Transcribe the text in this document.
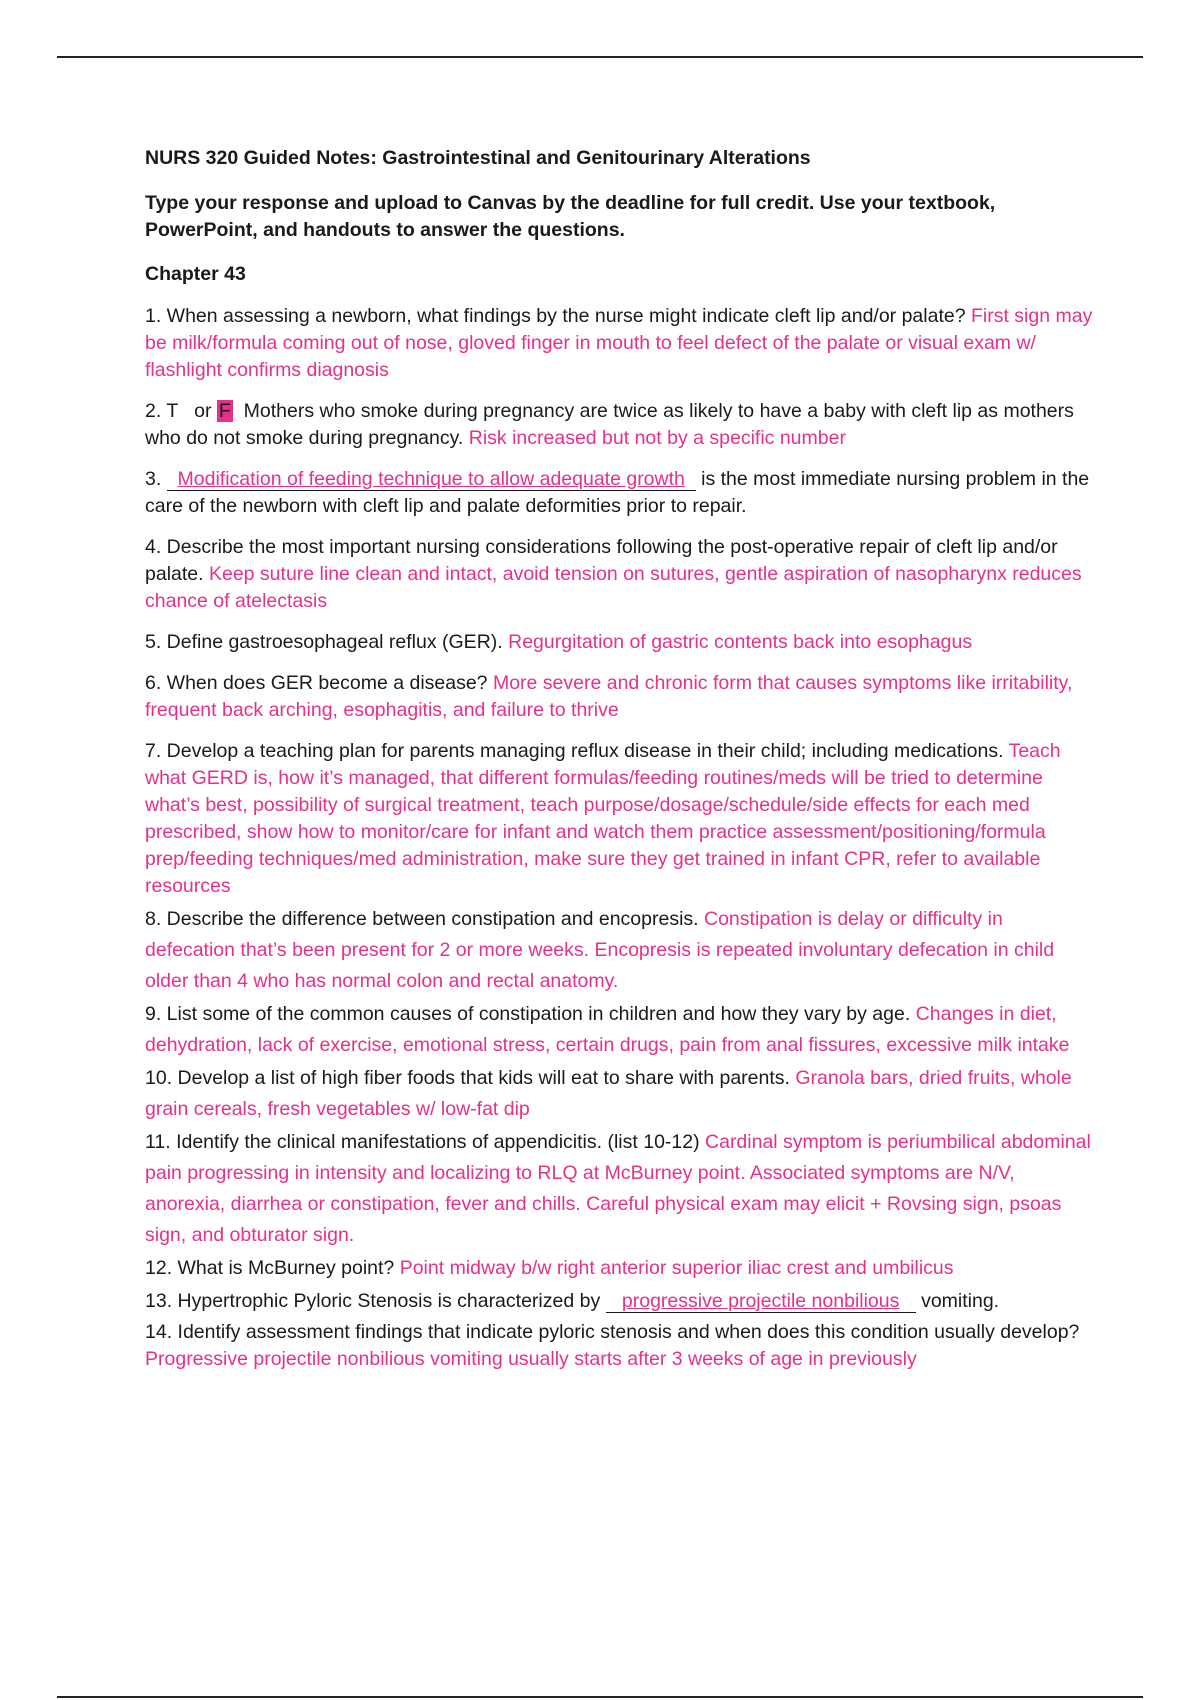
NURS 320 Guided Notes: Gastrointestinal and Genitourinary Alterations

Type your response and upload to Canvas by the deadline for full credit. Use your textbook, PowerPoint, and handouts to answer the questions.

Chapter 43

1. When assessing a newborn, what findings by the nurse might indicate cleft lip and/or palate? First sign may be milk/formula coming out of nose, gloved finger in mouth to feel defect of the palate or visual exam w/ flashlight confirms diagnosis

2. T   or F  Mothers who smoke during pregnancy are twice as likely to have a baby with cleft lip as mothers who do not smoke during pregnancy. Risk increased but not by a specific number

3.   Modification of feeding technique to allow adequate growth   is the most immediate nursing problem in the care of the newborn with cleft lip and palate deformities prior to repair.

4. Describe the most important nursing considerations following the post-operative repair of cleft lip and/or palate. Keep suture line clean and intact, avoid tension on sutures, gentle aspiration of nasopharynx reduces chance of atelectasis

5. Define gastroesophageal reflux (GER). Regurgitation of gastric contents back into esophagus

6. When does GER become a disease? More severe and chronic form that causes symptoms like irritability, frequent back arching, esophagitis, and failure to thrive

7. Develop a teaching plan for parents managing reflux disease in their child; including medications. Teach what GERD is, how it’s managed, that different formulas/feeding routines/meds will be tried to determine what’s best, possibility of surgical treatment, teach purpose/dosage/schedule/side effects for each med prescribed, show how to monitor/care for infant and watch them practice assessment/positioning/formula prep/feeding techniques/med administration, make sure they get trained in infant CPR, refer to available resources

8. Describe the difference between constipation and encopresis. Constipation is delay or difficulty in defecation that’s been present for 2 or more weeks. Encopresis is repeated involuntary defecation in child older than 4 who has normal colon and rectal anatomy.

9. List some of the common causes of constipation in children and how they vary by age. Changes in diet, dehydration, lack of exercise, emotional stress, certain drugs, pain from anal fissures, excessive milk intake

10. Develop a list of high fiber foods that kids will eat to share with parents. Granola bars, dried fruits, whole grain cereals, fresh vegetables w/ low-fat dip

11. Identify the clinical manifestations of appendicitis. (list 10-12) Cardinal symptom is periumbilical abdominal pain progressing in intensity and localizing to RLQ at McBurney point. Associated symptoms are N/V, anorexia, diarrhea or constipation, fever and chills. Careful physical exam may elicit + Rovsing sign, psoas sign, and obturator sign.

12. What is McBurney point? Point midway b/w right anterior superior iliac crest and umbilicus

13. Hypertrophic Pyloric Stenosis is characterized by    progressive projectile nonbilious    vomiting.

14. Identify assessment findings that indicate pyloric stenosis and when does this condition usually develop? Progressive projectile nonbilious vomiting usually starts after 3 weeks of age in previously
